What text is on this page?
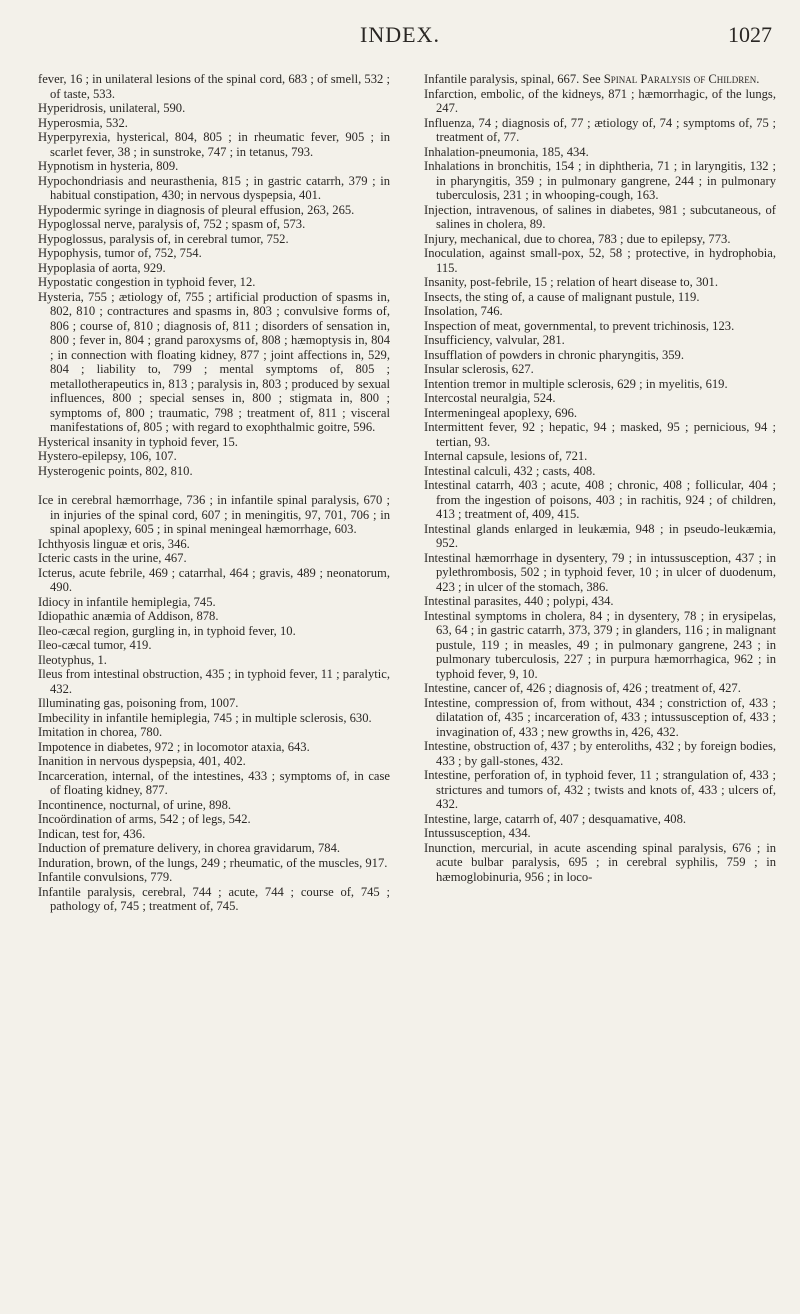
INDEX.	1027

fever, 16 ; in unilateral lesions of the spinal cord, 683 ; of smell, 532 ; of taste, 533.

Hyperidrosis, unilateral, 590.

Hyperosmia, 532.

Hyperpyrexia, hysterical, 804, 805 ; in rheumatic fever, 905 ; in scarlet fever, 38 ; in sunstroke, 747 ; in tetanus, 793.

Hypnotism in hysteria, 809.

Hypochondriasis and neurasthenia, 815 ; in gastric catarrh, 379 ; in habitual constipation, 430; in nervous dyspepsia, 401.

Hypodermic syringe in diagnosis of pleural effusion, 263, 265.

Hypoglossal nerve, paralysis of, 752 ; spasm of, 573.

Hypoglossus, paralysis of, in cerebral tumor, 752.

Hypophysis, tumor of, 752, 754.

Hypoplasia of aorta, 929.

Hypostatic congestion in typhoid fever, 12.

Hysteria, 755 ; ætiology of, 755 ; artificial production of spasms in, 802, 810 ; contractures and spasms in, 803 ; convulsive forms of, 806 ; course of, 810 ; diagnosis of, 811 ; disorders of sensation in, 800 ; fever in, 804 ; grand paroxysms of, 808 ; hæmoptysis in, 804 ; in connection with floating kidney, 877 ; joint affections in, 529, 804 ; liability to, 799 ; mental symptoms of, 805 ; metallotherapeutics in, 813 ; paralysis in, 803 ; produced by sexual influences, 800 ; special senses in, 800 ; stigmata in, 800 ; symptoms of, 800 ; traumatic, 798 ; treatment of, 811 ; visceral manifestations of, 805 ; with regard to exophthalmic goitre, 596.

Hysterical insanity in typhoid fever, 15.

Hystero-epilepsy, 106, 107.

Hysterogenic points, 802, 810.

Ice in cerebral hæmorrhage, 736 ; in infantile spinal paralysis, 670 ; in injuries of the spinal cord, 607 ; in meningitis, 97, 701, 706 ; in spinal apoplexy, 605 ; in spinal meningeal hæmorrhage, 603.

Ichthyosis linguæ et oris, 346.

Icteric casts in the urine, 467.

Icterus, acute febrile, 469 ; catarrhal, 464 ; gravis, 489 ; neonatorum, 490.

Idiocy in infantile hemiplegia, 745.

Idiopathic anæmia of Addison, 878.

Ileo-cæcal region, gurgling in, in typhoid fever, 10.

Ileo-cæcal tumor, 419.

Ileotyphus, 1.

Ileus from intestinal obstruction, 435 ; in typhoid fever, 11 ; paralytic, 432.

Illuminating gas, poisoning from, 1007.

Imbecility in infantile hemiplegia, 745 ; in multiple sclerosis, 630.

Imitation in chorea, 780.

Impotence in diabetes, 972 ; in locomotor ataxia, 643.

Inanition in nervous dyspepsia, 401, 402.

Incarceration, internal, of the intestines, 433 ; symptoms of, in case of floating kidney, 877.

Incontinence, nocturnal, of urine, 898.

Incoördination of arms, 542 ; of legs, 542.

Indican, test for, 436.

Induction of premature delivery, in chorea gravidarum, 784.

Induration, brown, of the lungs, 249 ; rheumatic, of the muscles, 917.

Infantile convulsions, 779.

Infantile paralysis, cerebral, 744 ; acute, 744 ; course of, 745 ; pathology of, 745 ; treatment of, 745.

Infantile paralysis, spinal, 667. See Spinal Paralysis of Children.

Infarction, embolic, of the kidneys, 871 ; hæmorrhagic, of the lungs, 247.

Influenza, 74 ; diagnosis of, 77 ; ætiology of, 74 ; symptoms of, 75 ; treatment of, 77.

Inhalation-pneumonia, 185, 434.

Inhalations in bronchitis, 154 ; in diphtheria, 71 ; in laryngitis, 132 ; in pharyngitis, 359 ; in pulmonary gangrene, 244 ; in pulmonary tuberculosis, 231 ; in whooping-cough, 163.

Injection, intravenous, of salines in diabetes, 981 ; subcutaneous, of salines in cholera, 89.

Injury, mechanical, due to chorea, 783 ; due to epilepsy, 773.

Inoculation, against small-pox, 52, 58 ; protective, in hydrophobia, 115.

Insanity, post-febrile, 15 ; relation of heart disease to, 301.

Insects, the sting of, a cause of malignant pustule, 119.

Insolation, 746.

Inspection of meat, governmental, to prevent trichinosis, 123.

Insufficiency, valvular, 281.

Insufflation of powders in chronic pharyngitis, 359.

Insular sclerosis, 627.

Intention tremor in multiple sclerosis, 629 ; in myelitis, 619.

Intercostal neuralgia, 524.

Intermeningeal apoplexy, 696.

Intermittent fever, 92 ; hepatic, 94 ; masked, 95 ; pernicious, 94 ; tertian, 93.

Internal capsule, lesions of, 721.

Intestinal calculi, 432 ; casts, 408.

Intestinal catarrh, 403 ; acute, 408 ; chronic, 408 ; follicular, 404 ; from the ingestion of poisons, 403 ; in rachitis, 924 ; of children, 413 ; treatment of, 409, 415.

Intestinal glands enlarged in leukæmia, 948 ; in pseudo-leukæmia, 952.

Intestinal hæmorrhage in dysentery, 79 ; in intussusception, 437 ; in pylethrombosis, 502 ; in typhoid fever, 10 ; in ulcer of duodenum, 423 ; in ulcer of the stomach, 386.

Intestinal parasites, 440 ; polypi, 434.

Intestinal symptoms in cholera, 84 ; in dysentery, 78 ; in erysipelas, 63, 64 ; in gastric catarrh, 373, 379 ; in glanders, 116 ; in malignant pustule, 119 ; in measles, 49 ; in pulmonary gangrene, 243 ; in pulmonary tuberculosis, 227 ; in purpura hæmorrhagica, 962 ; in typhoid fever, 9, 10.

Intestine, cancer of, 426 ; diagnosis of, 426 ; treatment of, 427.

Intestine, compression of, from without, 434 ; constriction of, 433 ; dilatation of, 435 ; incarceration of, 433 ; intussusception of, 433 ; invagination of, 433 ; new growths in, 426, 432.

Intestine, obstruction of, 437 ; by enteroliths, 432 ; by foreign bodies, 433 ; by gall-stones, 432.

Intestine, perforation of, in typhoid fever, 11 ; strangulation of, 433 ; strictures and tumors of, 432 ; twists and knots of, 433 ; ulcers of, 432.

Intestine, large, catarrh of, 407 ; desquamative, 408.

Intussusception, 434.

Inunction, mercurial, in acute ascending spinal paralysis, 676 ; in acute bulbar paralysis, 695 ; in cerebral syphilis, 759 ; in hæmoglobinuria, 956 ; in loco-
